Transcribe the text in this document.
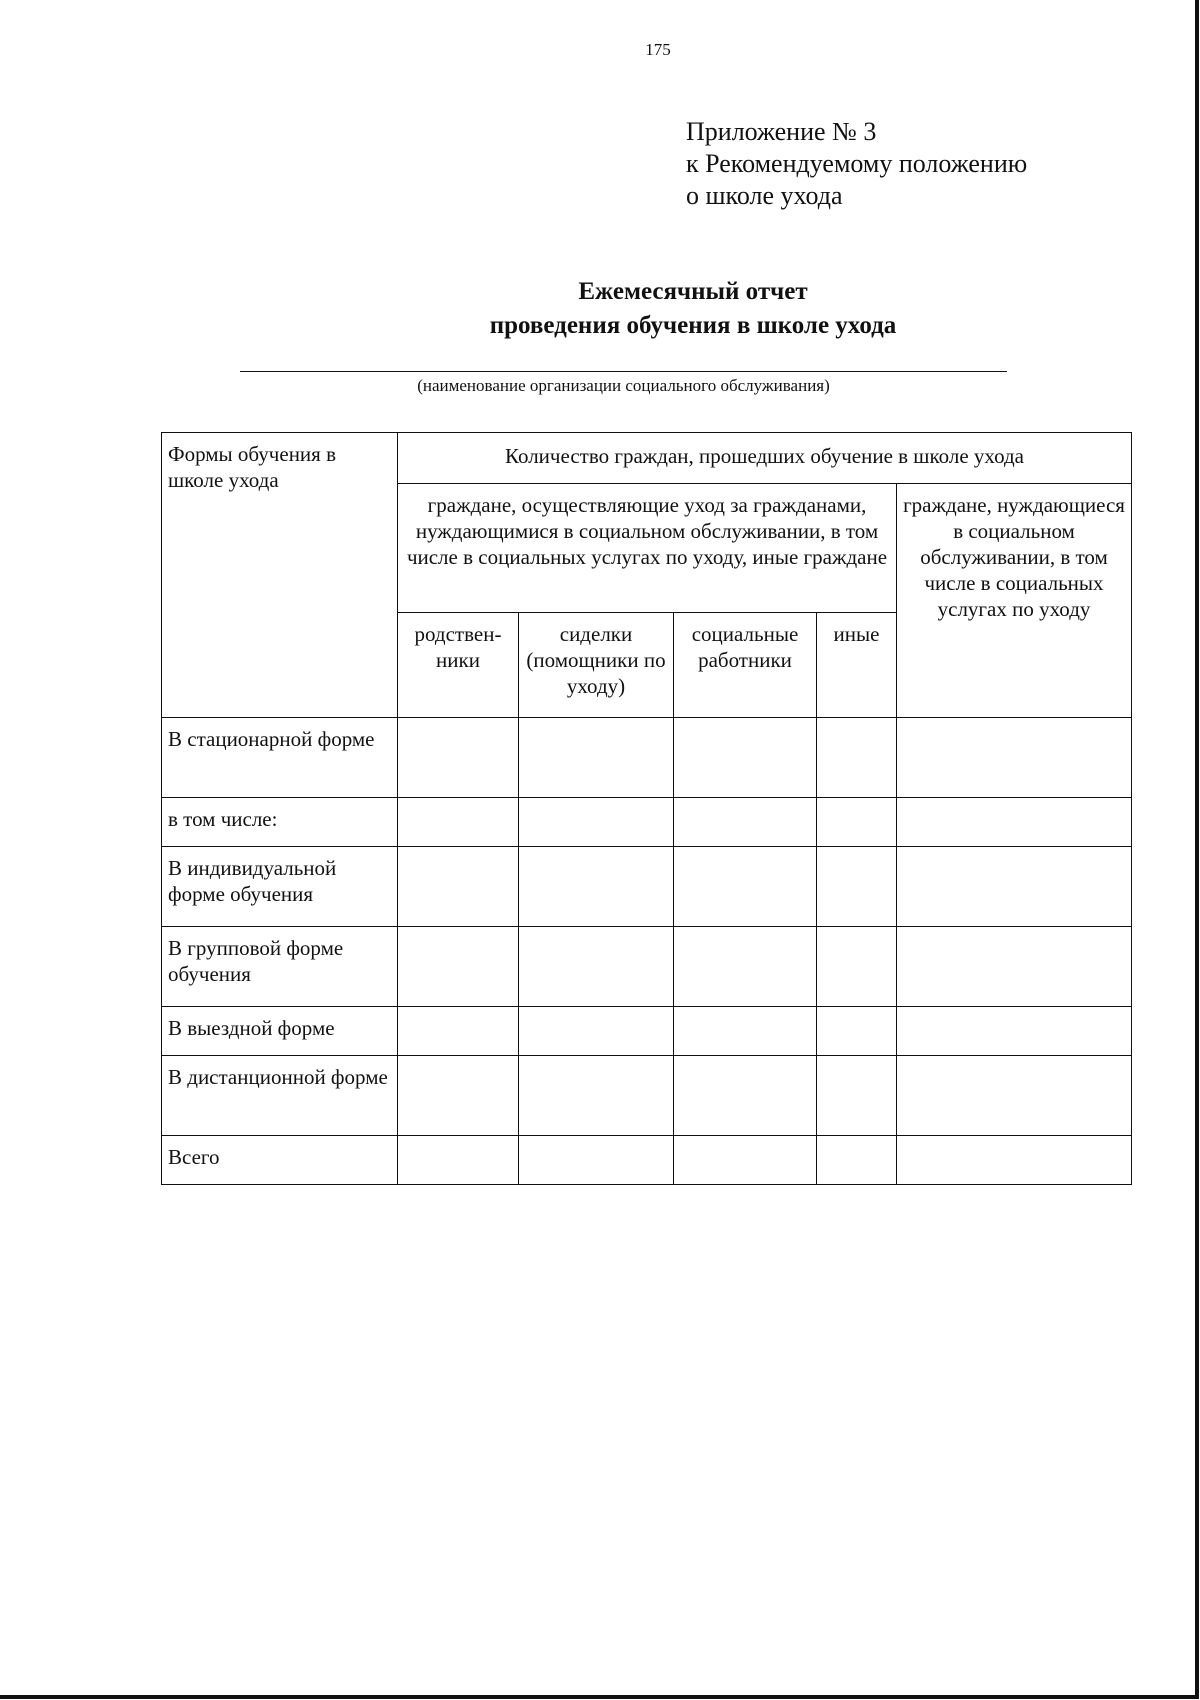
175
Приложение № 3
к Рекомендуемому положению
о школе ухода
Ежемесячный отчет
проведения обучения в школе ухода
(наименование организации социального обслуживания)
Формы обучения в школе ухода	Количество граждан, прошедших обучение в школе ухода				
	граждане, осуществляющие уход за гражданами, нуждающимися в социальном обслуживании, в том числе в социальных услугах по уходу, иные граждане				граждане, нуждающиеся в социальном обслуживании, в том числе в социальных услугах по уходу
	родствен-ники	сиделки (помощники по уходу)	социальные работники	иные	
В стационарной форме					
в том числе:					
В индивидуальной форме обучения					
В групповой форме обучения					
В выездной форме					
В дистанционной форме					
Всего					
